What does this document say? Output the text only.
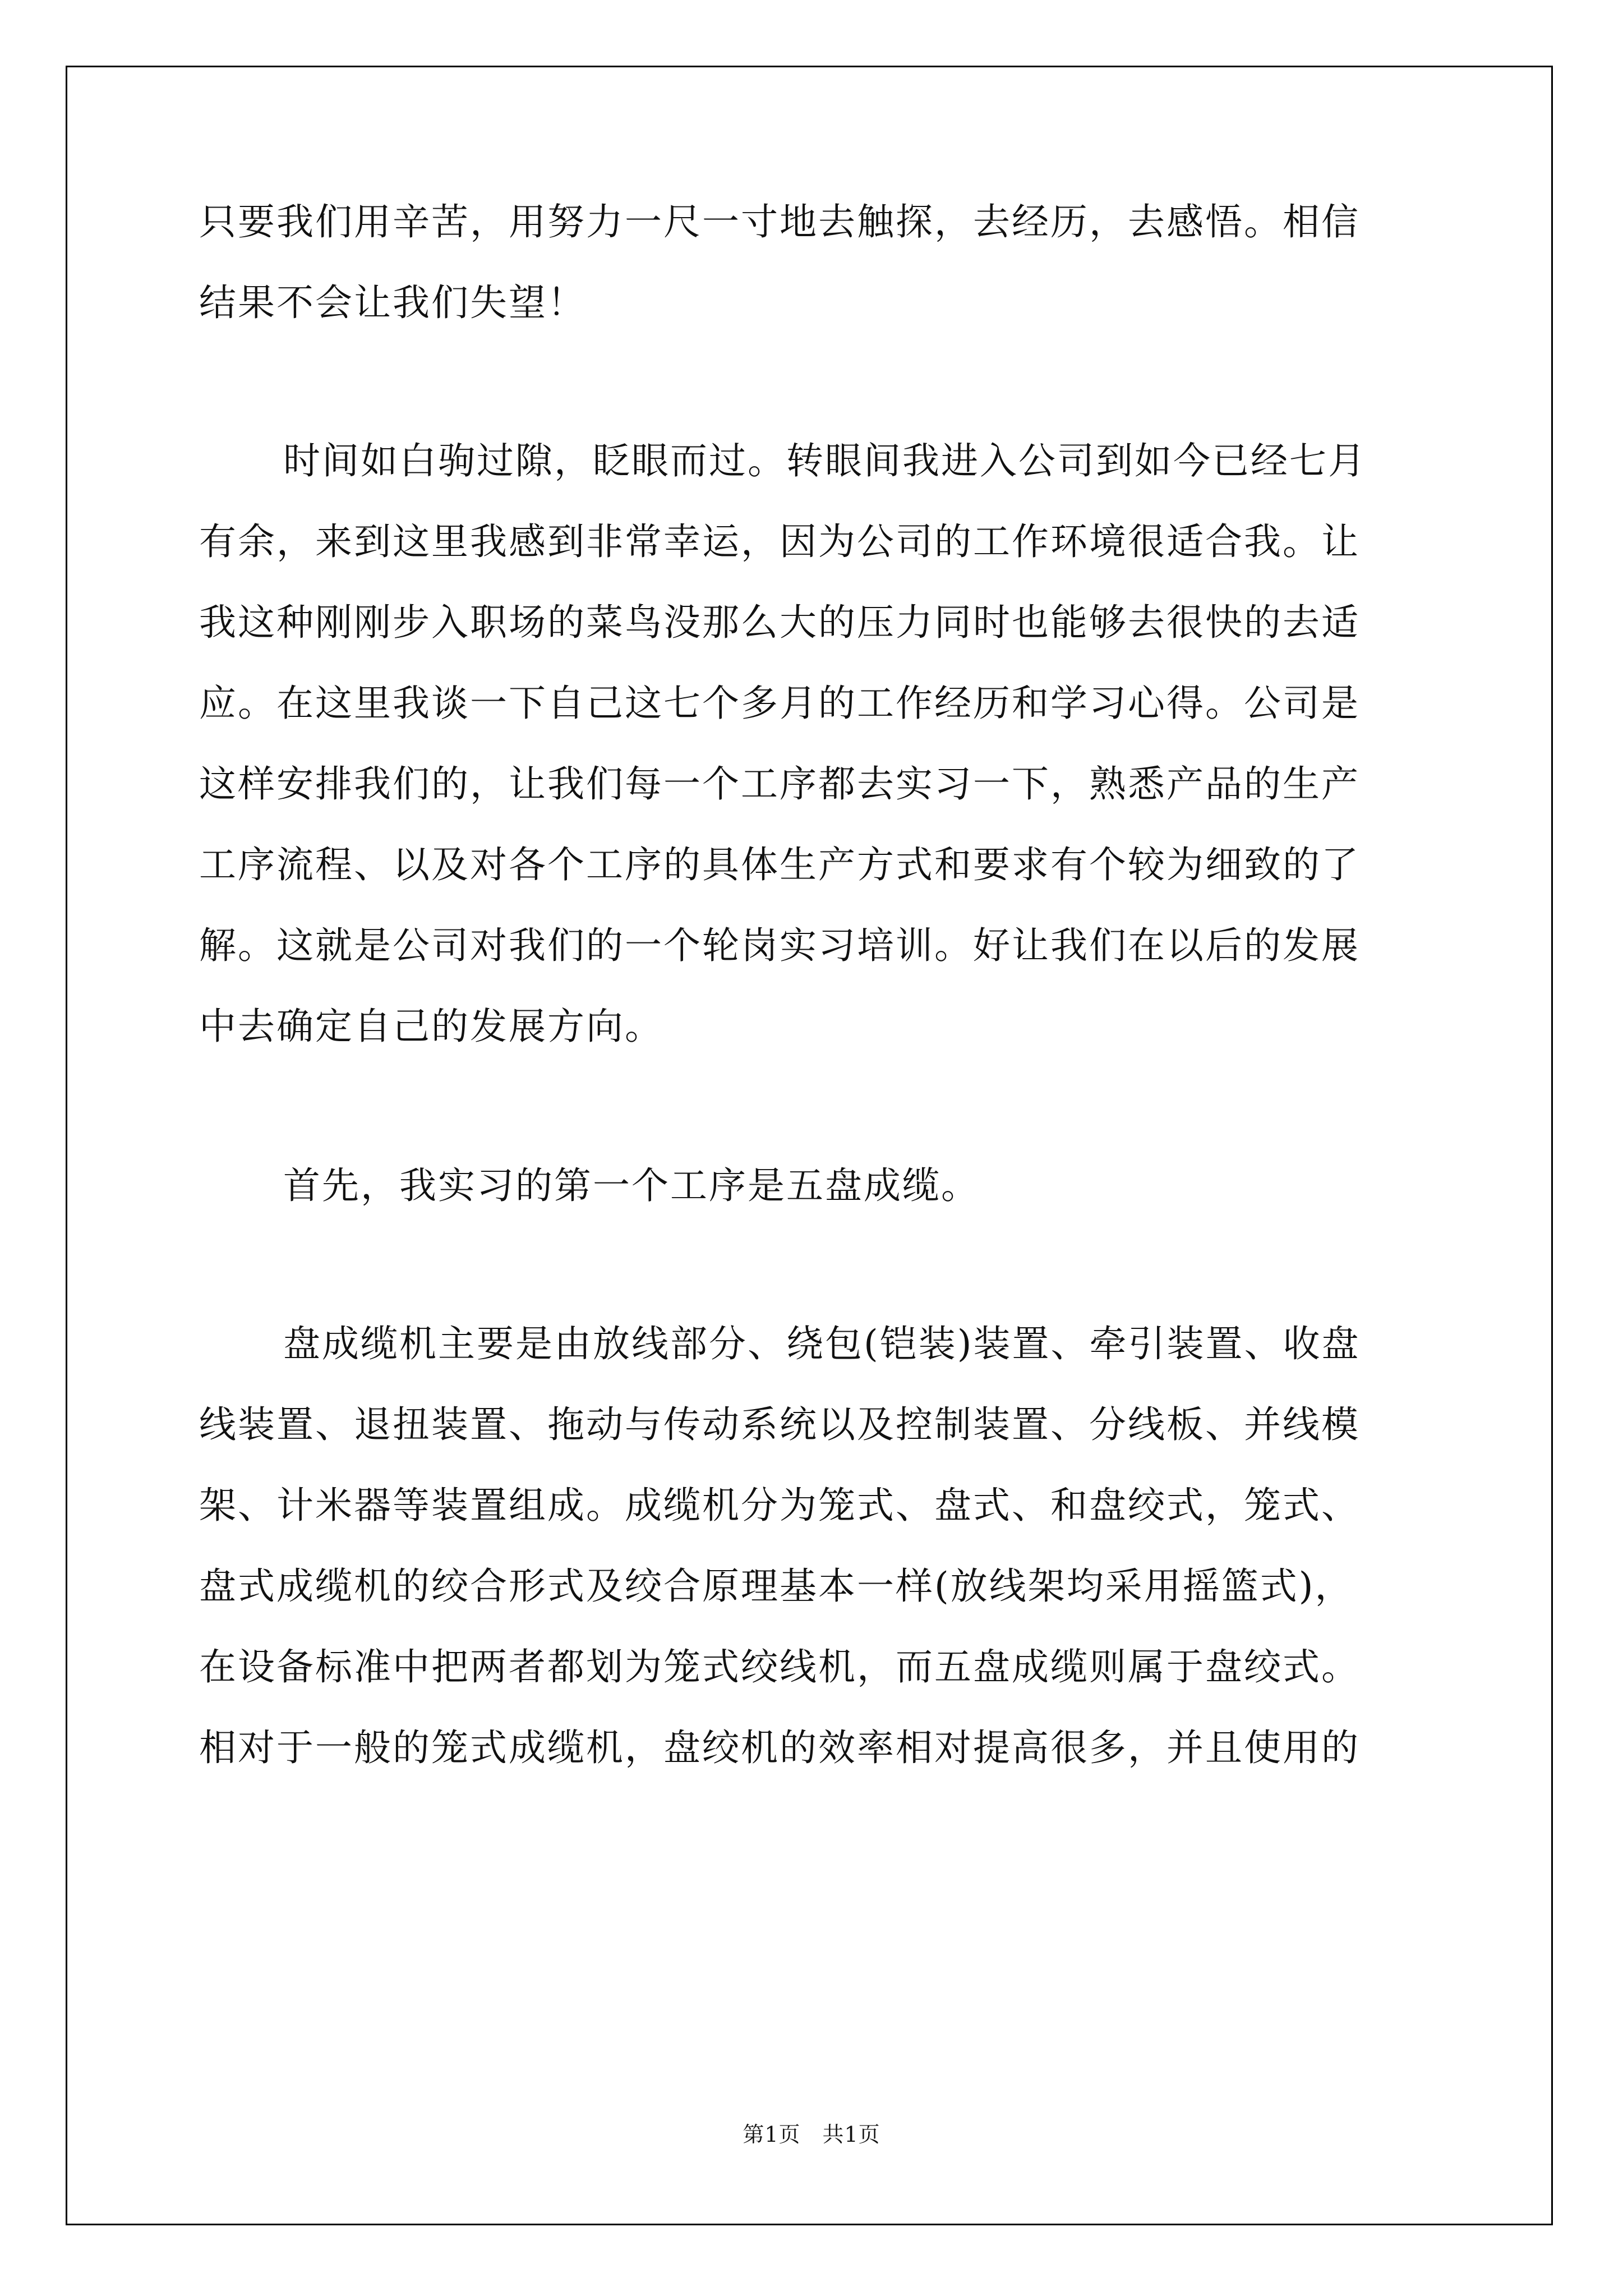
只要我们用辛苦，用努力一尺一寸地去触探，去经历，去感悟。相信
结果不会让我们失望！
时间如白驹过隙，眨眼而过。转眼间我进入公司到如今已经七月
有余，来到这里我感到非常幸运，因为公司的工作环境很适合我。让
我这种刚刚步入职场的菜鸟没那么大的压力同时也能够去很快的去适
应。在这里我谈一下自己这七个多月的工作经历和学习心得。公司是
这样安排我们的，让我们每一个工序都去实习一下，熟悉产品的生产
工序流程、以及对各个工序的具体生产方式和要求有个较为细致的了
解。这就是公司对我们的一个轮岗实习培训。好让我们在以后的发展
中去确定自己的发展方向。
首先，我实习的第一个工序是五盘成缆。
盘成缆机主要是由放线部分、绕包(铠装)装置、牵引装置、收盘
线装置、退扭装置、拖动与传动系统以及控制装置、分线板、并线模
架、计米器等装置组成。成缆机分为笼式、盘式、和盘绞式，笼式、
盘式成缆机的绞合形式及绞合原理基本一样(放线架均采用摇篮式)，
在设备标准中把两者都划为笼式绞线机，而五盘成缆则属于盘绞式。
相对于一般的笼式成缆机，盘绞机的效率相对提高很多，并且使用的
第1页　共1页
